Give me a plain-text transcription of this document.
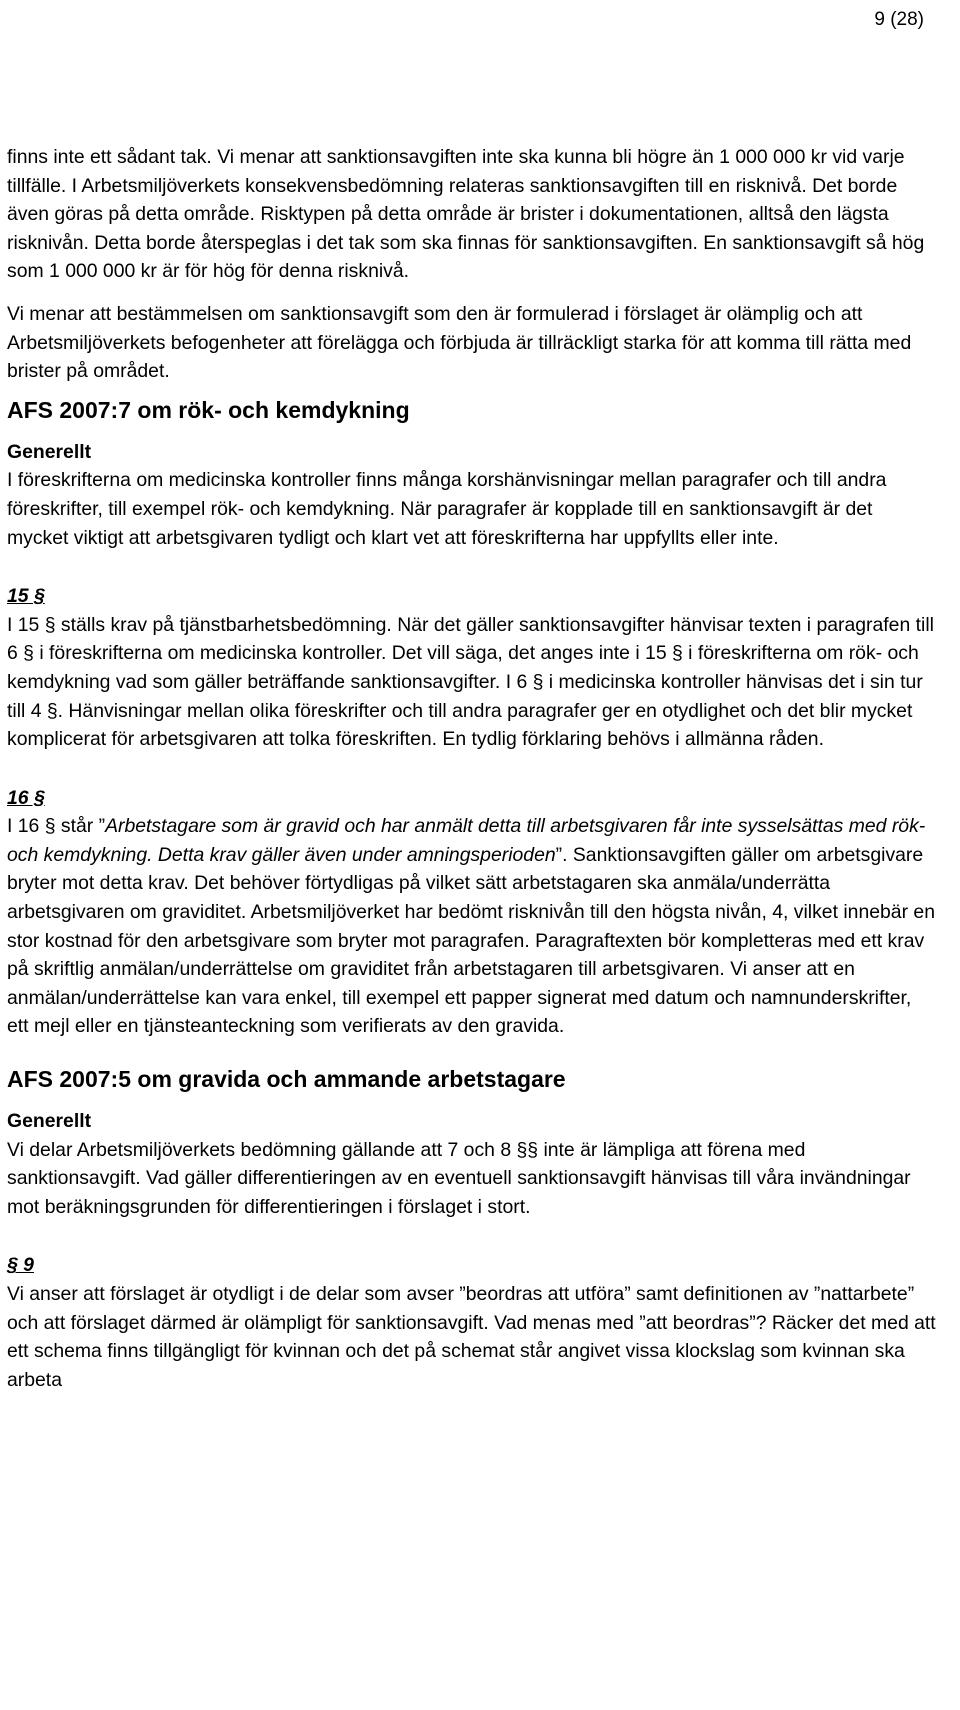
9 (28)

finns inte ett sådant tak. Vi menar att sanktionsavgiften inte ska kunna bli högre än 1 000 000 kr vid varje tillfälle. I Arbetsmiljöverkets konsekvensbedömning relateras sanktionsavgiften till en risknivå. Det borde även göras på detta område. Risktypen på detta område är brister i dokumentationen, alltså den lägsta risknivån. Detta borde återspeglas i det tak som ska finnas för sanktionsavgiften. En sanktionsavgift så hög som 1 000 000 kr är för hög för denna risknivå.

Vi menar att bestämmelsen om sanktionsavgift som den är formulerad i förslaget är olämplig och att Arbetsmiljöverkets befogenheter att förelägga och förbjuda är tillräckligt starka för att komma till rätta med brister på området.

AFS 2007:7 om rök- och kemdykning

Generellt

I föreskrifterna om medicinska kontroller finns många korshänvisningar mellan paragrafer och till andra föreskrifter, till exempel rök- och kemdykning. När paragrafer är kopplade till en sanktionsavgift är det mycket viktigt att arbetsgivaren tydligt och klart vet att föreskrifterna har uppfyllts eller inte.

15 §

I 15 § ställs krav på tjänstbarhetsbedömning. När det gäller sanktionsavgifter hänvisar texten i paragrafen till 6 § i föreskrifterna om medicinska kontroller. Det vill säga, det anges inte i 15 § i föreskrifterna om rök- och kemdykning vad som gäller beträffande sanktionsavgifter. I 6 § i medicinska kontroller hänvisas det i sin tur till 4 §. Hänvisningar mellan olika föreskrifter och till andra paragrafer ger en otydlighet och det blir mycket komplicerat för arbetsgivaren att tolka föreskriften. En tydlig förklaring behövs i allmänna råden.

16 §

I 16 § står ”Arbetstagare som är gravid och har anmält detta till arbetsgivaren får inte sysselsättas med rök- och kemdykning. Detta krav gäller även under amningsperioden”. Sanktionsavgiften gäller om arbetsgivare bryter mot detta krav. Det behöver förtydligas på vilket sätt arbetstagaren ska anmäla/underrätta arbetsgivaren om graviditet. Arbetsmiljöverket har bedömt risknivån till den högsta nivån, 4, vilket innebär en stor kostnad för den arbetsgivare som bryter mot paragrafen. Paragraftexten bör kompletteras med ett krav på skriftlig anmälan/underrättelse om graviditet från arbetstagaren till arbetsgivaren. Vi anser att en anmälan/underrättelse kan vara enkel, till exempel ett papper signerat med datum och namnunderskrifter, ett mejl eller en tjänsteanteckning som verifierats av den gravida.

AFS 2007:5 om gravida och ammande arbetstagare

Generellt

Vi delar Arbetsmiljöverkets bedömning gällande att 7 och 8 §§ inte är lämpliga att förena med sanktionsavgift. Vad gäller differentieringen av en eventuell sanktionsavgift hänvisas till våra invändningar mot beräkningsgrunden för differentieringen i förslaget i stort.

§ 9

Vi anser att förslaget är otydligt i de delar som avser ”beordras att utföra” samt definitionen av ”nattarbete” och att förslaget därmed är olämpligt för sanktionsavgift. Vad menas med ”att beordras”? Räcker det med att ett schema finns tillgängligt för kvinnan och det på schemat står angivet vissa klockslag som kvinnan ska arbeta
